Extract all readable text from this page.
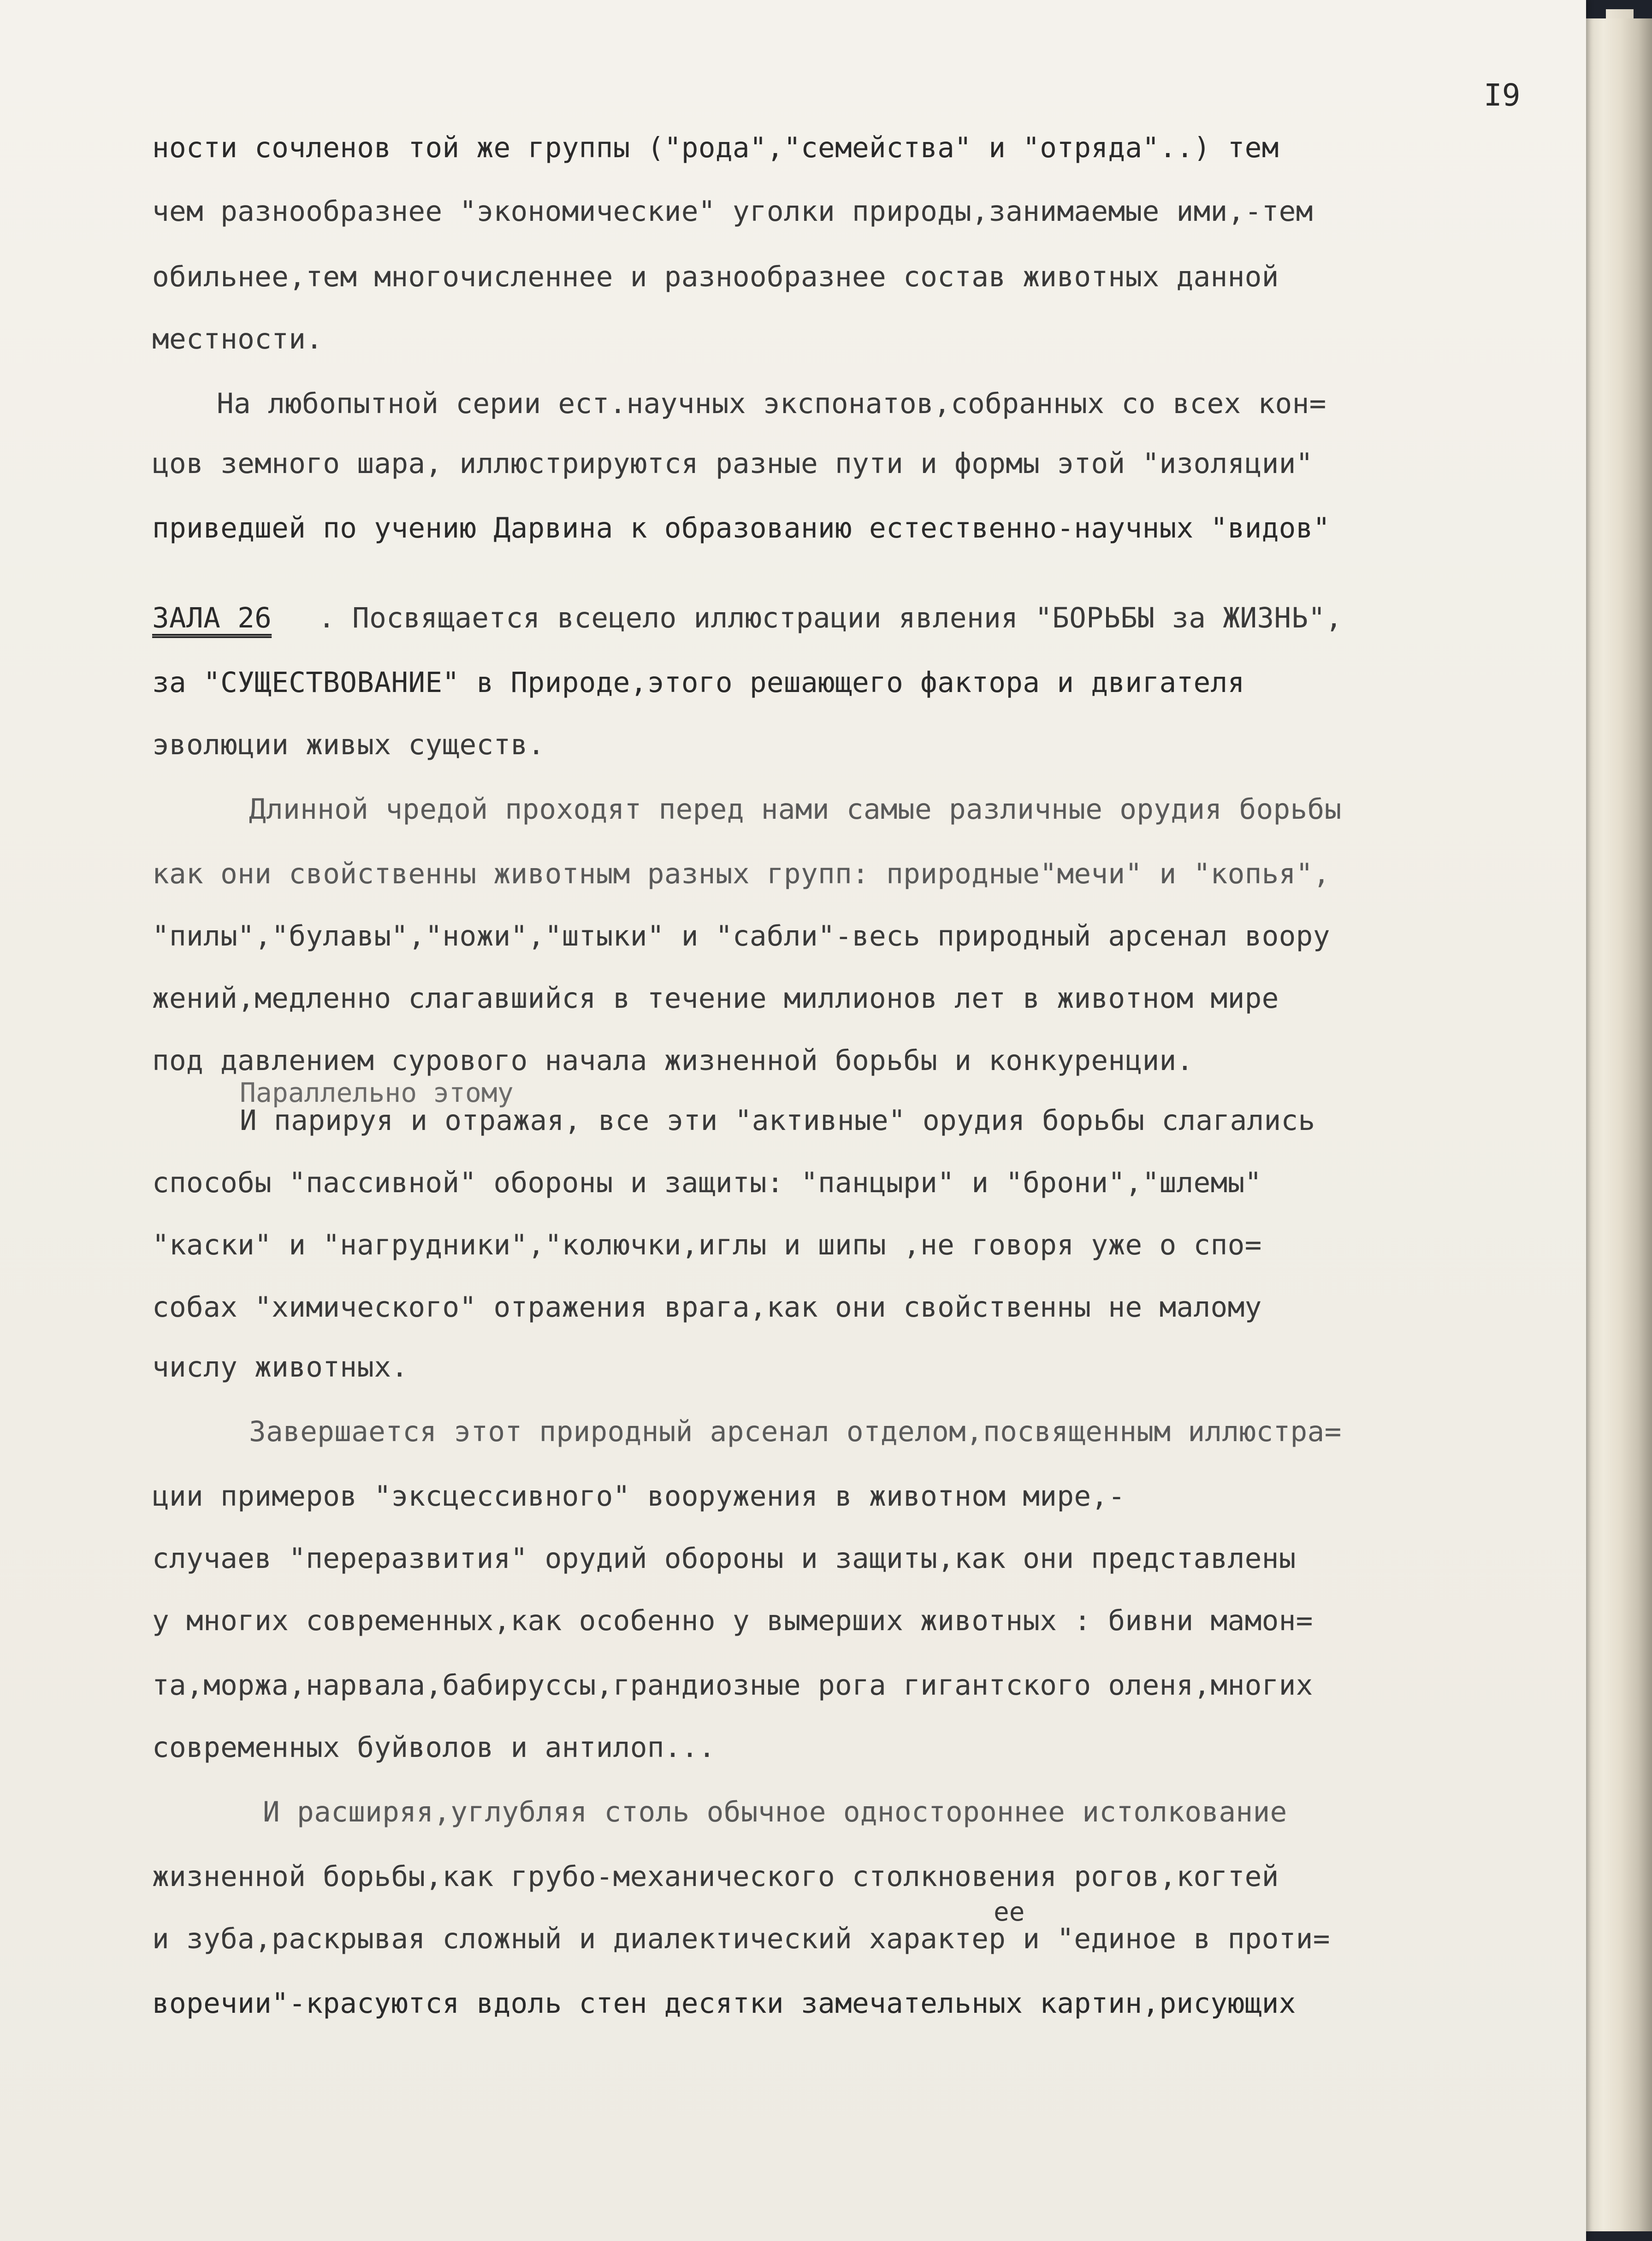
I9

ности сочленов той же группы ("рода","семейства" и "отряда"..) тем

чем разнообразнее "экономические" уголки природы,занимаемые ими,-тем

обильнее,тем многочисленнее и разнообразнее состав животных данной

местности.

На любопытной серии ест.научных экспонатов,собранных со всех кон=

цов земного шара, иллюстрируются разные пути и формы этой "изоляции"

приведшей по учению Дарвина к образованию естественно-научных "видов"

ЗАЛА 26	. Посвящается всецело иллюстрации явления "БОРЬБЫ за ЖИЗНЬ",

за "СУЩЕСТВОВАНИЕ" в Природе,этого решающего фактора и двигателя

эволюции живых существ.

Длинной чредой проходят перед нами самые различные орудия борьбы

как они свойственны животным разных групп: природные"мечи" и "копья",

"пилы","булавы","ножи","штыки" и "сабли"-весь природный арсенал воору

жений,медленно слагавшийся в течение миллионов лет в животном мире

под давлением сурового начала жизненной борьбы и конкуренции.

Параллельно этому

И парируя и отражая, все эти "активные" орудия борьбы слагались

способы "пассивной" обороны и защиты: "панцыри" и "брони","шлемы"

"каски" и "нагрудники","колючки,иглы и шипы ,не говоря уже о спо=

собах "химического" отражения врага,как они свойственны не малому

числу животных.

Завершается этот природный арсенал отделом,посвященным иллюстра=

ции примеров "эксцессивного" вооружения в животном мире,-

случаев "переразвития" орудий обороны и защиты,как они представлены

у многих современных,как особенно у вымерших животных : бивни мамон=

та,моржа,нарвала,бабируссы,грандиозные рога гигантского оленя,многих

современных буйволов и антилоп...

И расширяя,углубляя столь обычное одностороннее истолкование

жизненной борьбы,как грубо-механического столкновения рогов,когтей

ее

и зуба,раскрывая сложный и диалектический характер и "единое в проти=

воречии"-красуются вдоль стен десятки замечательных картин,рисующих
